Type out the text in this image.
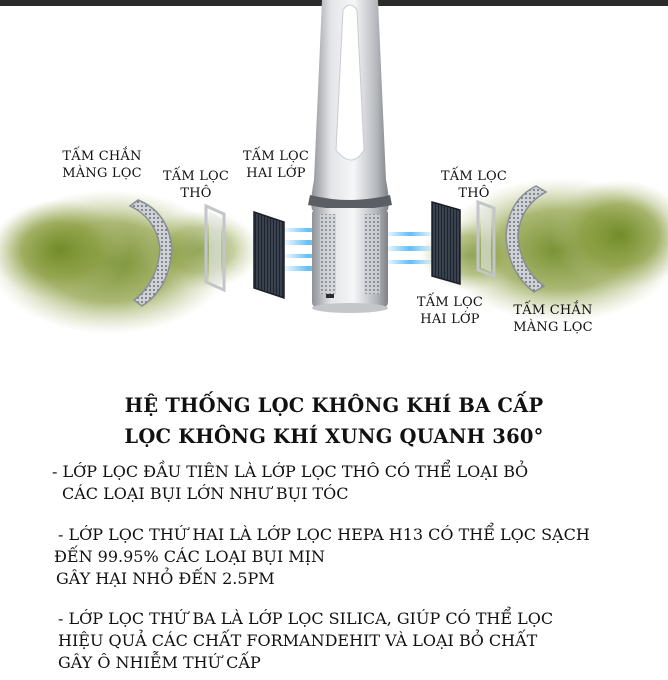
TẤM CHẮN
MÀNG LỌC	TẤM LỌC
THÔ
TẤM LỌC
HAI LỚP	TẤM LỌC
THÔ
TẤM LỌC
HAI LỚP
TẤM CHẮN
MÀNG LỌC
HỆ THỐNG LỌC KHÔNG KHÍ BA CẤP
LỌC KHÔNG KHÍ XUNG QUANH 360°
- LỚP LỌC ĐẦU TIÊN LÀ LỚP LỌC THÔ CÓ THỂ LOẠI BỎ
CÁC LOẠI BỤI LỚN NHƯ BỤI TÓC
- LỚP LỌC THỨ HAI LÀ LỚP LỌC HEPA H13 CÓ THỂ LỌC SẠCH
ĐẾN 99.95% CÁC LOẠI BỤI MỊN
GÂY HẠI NHỎ ĐẾN 2.5PM
- LỚP LỌC THỨ BA LÀ LỚP LỌC SILICA, GIÚP CÓ THỂ LỌC
HIỆU QUẢ CÁC CHẤT FORMANDEHIT VÀ LOẠI BỎ CHẤT
GÂY Ô NHIỄM THỨ CẤP
